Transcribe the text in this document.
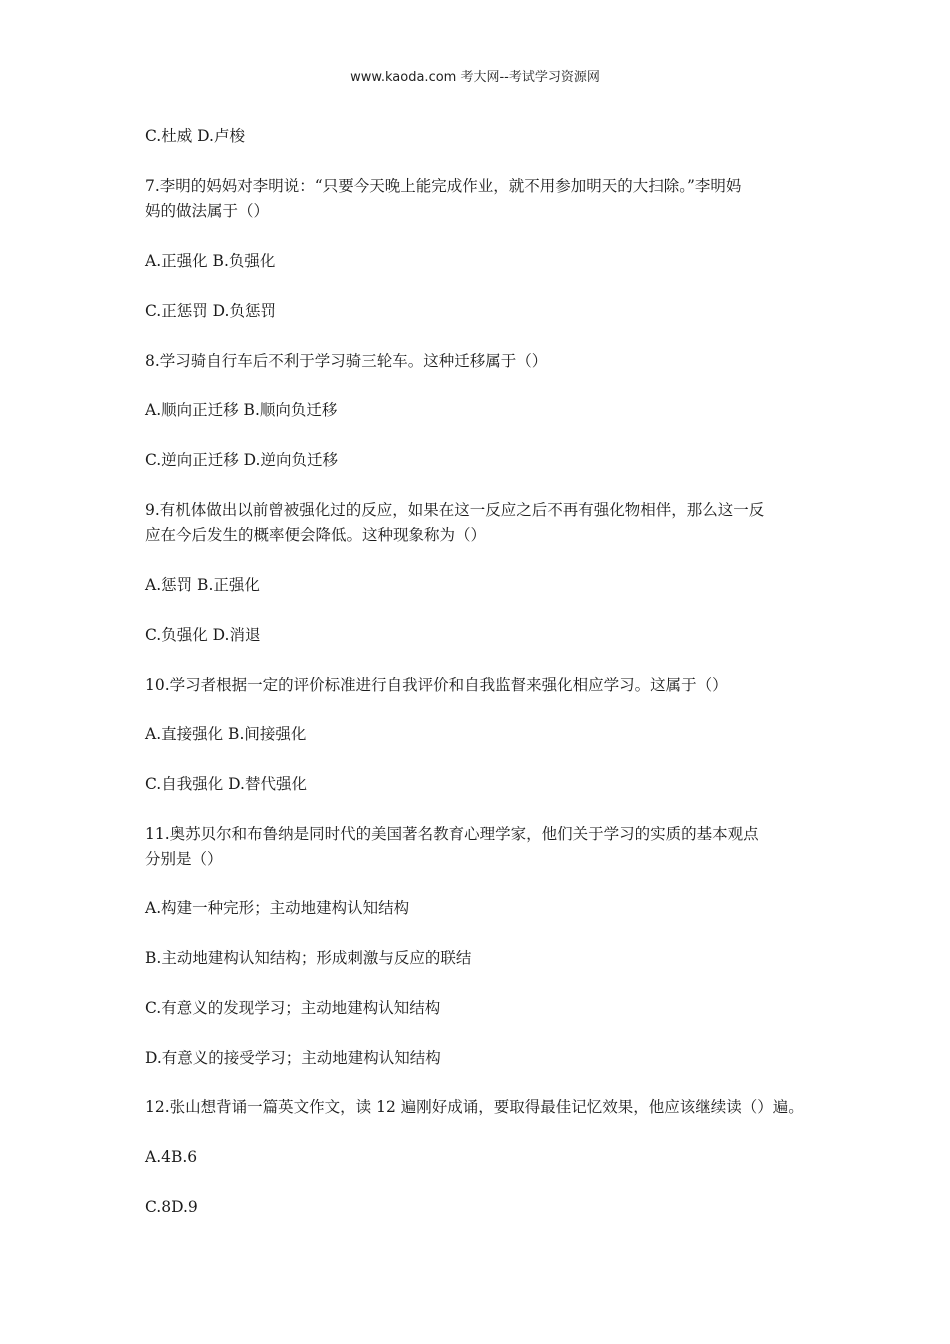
www.kaoda.com 考大网--考试学习资源网
C.杜威 D.卢梭
7.李明的妈妈对李明说：“只要今天晚上能完成作业，就不用参加明天的大扫除。”李明妈
妈的做法属于（）
A.正强化 B.负强化
C.正惩罚 D.负惩罚
8.学习骑自行车后不利于学习骑三轮车。这种迁移属于（）
A.顺向正迁移 B.顺向负迁移
C.逆向正迁移 D.逆向负迁移
9.有机体做出以前曾被强化过的反应，如果在这一反应之后不再有强化物相伴，那么这一反
应在今后发生的概率便会降低。这种现象称为（）
A.惩罚 B.正强化
C.负强化 D.消退
10.学习者根据一定的评价标准进行自我评价和自我监督来强化相应学习。这属于（）
A.直接强化 B.间接强化
C.自我强化 D.替代强化
11.奥苏贝尔和布鲁纳是同时代的美国著名教育心理学家，他们关于学习的实质的基本观点
分别是（）
A.构建一种完形；主动地建构认知结构
B.主动地建构认知结构；形成刺激与反应的联结
C.有意义的发现学习；主动地建构认知结构
D.有意义的接受学习；主动地建构认知结构
12.张山想背诵一篇英文作文，读 12 遍刚好成诵，要取得最佳记忆效果，他应该继续读（）遍。
A.4B.6
C.8D.9
